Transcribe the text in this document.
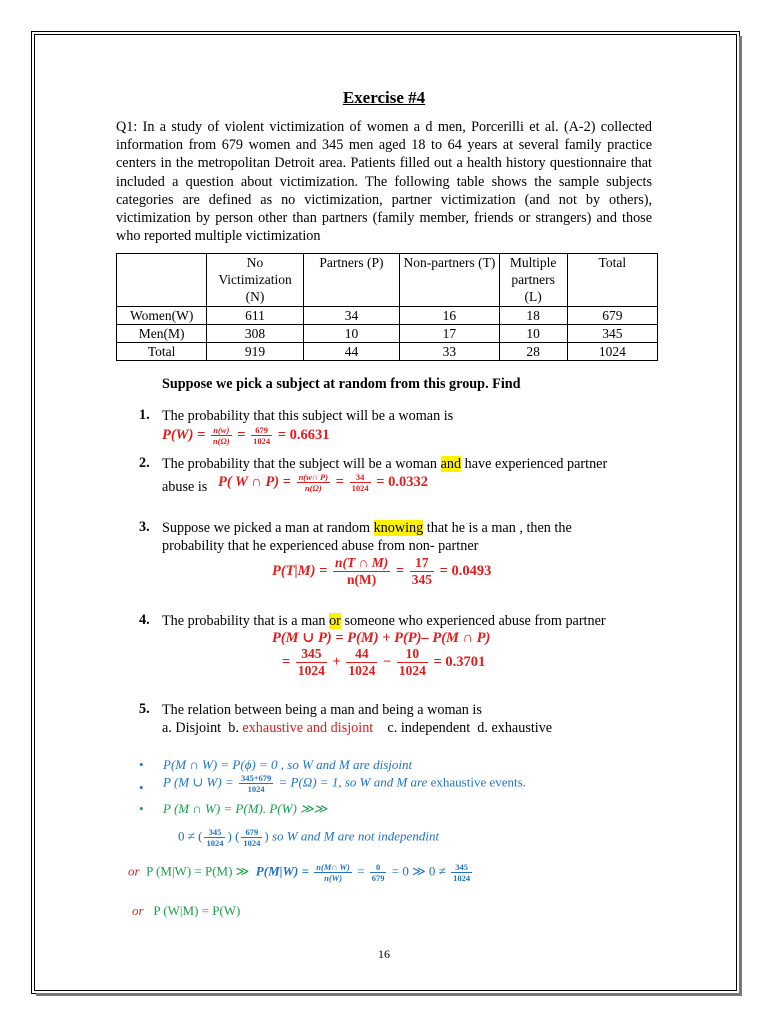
Exercise #4
Q1: In a study of violent victimization of women a d men, Porcerilli et al. (A-2) collected information from 679 women and 345 men aged 18 to 64 years at several family practice centers in the metropolitan Detroit area. Patients filled out a health history questionnaire that included a question about victimization. The following table shows the sample subjects categories are defined as no victimization, partner victimization (and not by others), victimization by person other than partners (family member, friends or strangers) and those who reported multiple victimization
	No Victimization (N)	Partners (P)	Non-partners (T)	Multiple partners (L)	Total
Women(W)	611	34	16	18	679
Men(M)	308	10	17	10	345
Total	919	44	33	28	1024
Suppose we pick a subject at random from this group. Find
1. The probability that this subject will be a woman is
$P(W) = \frac{n(w)}{n(\Omega)} = \frac{679}{1024} = 0.6631$
2. The probability that the subject will be a woman and have experienced partner
abuse is P( W ∩ $P) = \frac{n(w\cap P)}{n(\Omega)} = \frac{34}{1024} = 0.0332$
3. Suppose we picked a man at random knowing that he is a man , then the
probability that he experienced abuse from non- partner
$P(T|M) = \frac{n(T \cap M)}{n(M)} = \frac{17}{345} = 0.0493$
4. The probability that is a man or someone who experienced abuse from partner
P(M ∪ P) = P(M) + P(P)– P(M ∩ P)
= $\frac{345}{1024} + \frac{44}{1024} - \frac{10}{1024} = 0.3701$
5. The relation between being a man and being a woman is
a. Disjoint b. exhaustive and disjoint c. independent d. exhaustive
• P(M ∩ W) = P(ϕ) = 0 , so W and M are disjoint
• P (M ∪ $W) = \frac{345+679}{1024} = P(\Omega) = 1$, so W and M are exhaustive events.
• P (M ∩ W) = P(M). P(W) ≫≫
0 ≠ ( $\frac{345}{1024}$ ) ( $\frac{679}{1024}$ ) so W and M are not independint
or P (M|W) = P(M) ≫ $P(M|W) = \frac{n(M\cap W)}{n(W)} = \frac{0}{679} = 0$ ≫ $0 \ne \frac{345}{1024}$
or P (W|M) = P(W)
16
